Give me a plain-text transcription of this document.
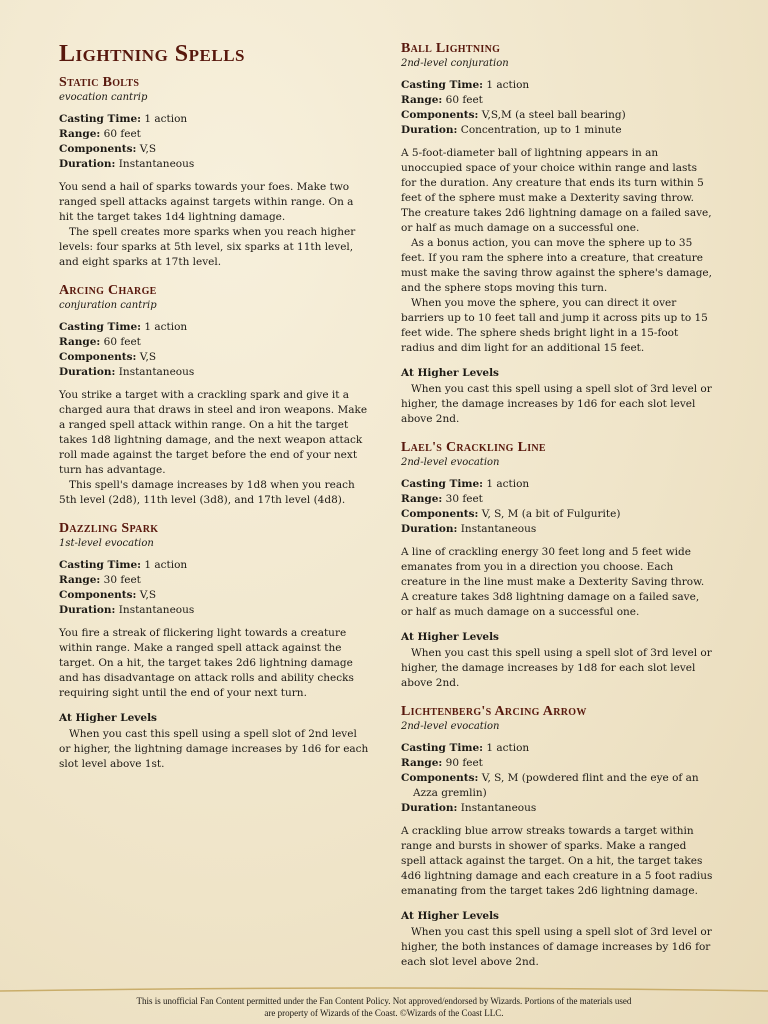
Lightning Spells
Static Bolts
evocation cantrip
Casting Time: 1 action
Range: 60 feet
Components: V,S
Duration: Instantaneous

You send a hail of sparks towards your foes. Make two ranged spell attacks against targets within range. On a hit the target takes 1d4 lightning damage.

The spell creates more sparks when you reach higher levels: four sparks at 5th level, six sparks at 11th level, and eight sparks at 17th level.

Arcing Charge
conjuration cantrip
Casting Time: 1 action
Range: 60 feet
Components: V,S
Duration: Instantaneous

You strike a target with a crackling spark and give it a charged aura that draws in steel and iron weapons. Make a ranged spell attack within range. On a hit the target takes 1d8 lightning damage, and the next weapon attack roll made against the target before the end of your next turn has advantage.

This spell's damage increases by 1d8 when you reach 5th level (2d8), 11th level (3d8), and 17th level (4d8).

Dazzling Spark
1st-level evocation
Casting Time: 1 action
Range: 30 feet
Components: V,S
Duration: Instantaneous

You fire a streak of flickering light towards a creature within range. Make a ranged spell attack against the target. On a hit, the target takes 2d6 lightning damage and has disadvantage on attack rolls and ability checks requiring sight until the end of your next turn.

At Higher Levels

When you cast this spell using a spell slot of 2nd level or higher, the lightning damage increases by 1d6 for each slot level above 1st.

Ball Lightning
2nd-level conjuration
Casting Time: 1 action
Range: 60 feet
Components: V,S,M (a steel ball bearing)
Duration: Concentration, up to 1 minute

A 5-foot-diameter ball of lightning appears in an unoccupied space of your choice within range and lasts for the duration. Any creature that ends its turn within 5 feet of the sphere must make a Dexterity saving throw. The creature takes 2d6 lightning damage on a failed save, or half as much damage on a successful one.

As a bonus action, you can move the sphere up to 35 feet. If you ram the sphere into a creature, that creature must make the saving throw against the sphere's damage, and the sphere stops moving this turn.

When you move the sphere, you can direct it over barriers up to 10 feet tall and jump it across pits up to 15 feet wide. The sphere sheds bright light in a 15-foot radius and dim light for an additional 15 feet.

At Higher Levels

When you cast this spell using a spell slot of 3rd level or higher, the damage increases by 1d6 for each slot level above 2nd.

Lael's Crackling Line
2nd-level evocation
Casting Time: 1 action
Range: 30 feet
Components: V, S, M (a bit of Fulgurite)
Duration: Instantaneous

A line of crackling energy 30 feet long and 5 feet wide emanates from you in a direction you choose. Each creature in the line must make a Dexterity Saving throw. A creature takes 3d8 lightning damage on a failed save, or half as much damage on a successful one.

At Higher Levels

When you cast this spell using a spell slot of 3rd level or higher, the damage increases by 1d8 for each slot level above 2nd.

Lichtenberg's Arcing Arrow
2nd-level evocation
Casting Time: 1 action
Range: 90 feet
Components: V, S, M (powdered flint and the eye of an Azza gremlin)
Duration: Instantaneous

A crackling blue arrow streaks towards a target within range and bursts in shower of sparks. Make a ranged spell attack against the target. On a hit, the target takes 4d6 lightning damage and each creature in a 5 foot radius emanating from the target takes 2d6 lightning damage.

At Higher Levels

When you cast this spell using a spell slot of 3rd level or higher, the both instances of damage increases by 1d6 for each slot level above 2nd.

This is unofficial Fan Content permitted under the Fan Content Policy. Not approved/endorsed by Wizards. Portions of the materials used
are property of Wizards of the Coast. ©Wizards of the Coast LLC.
